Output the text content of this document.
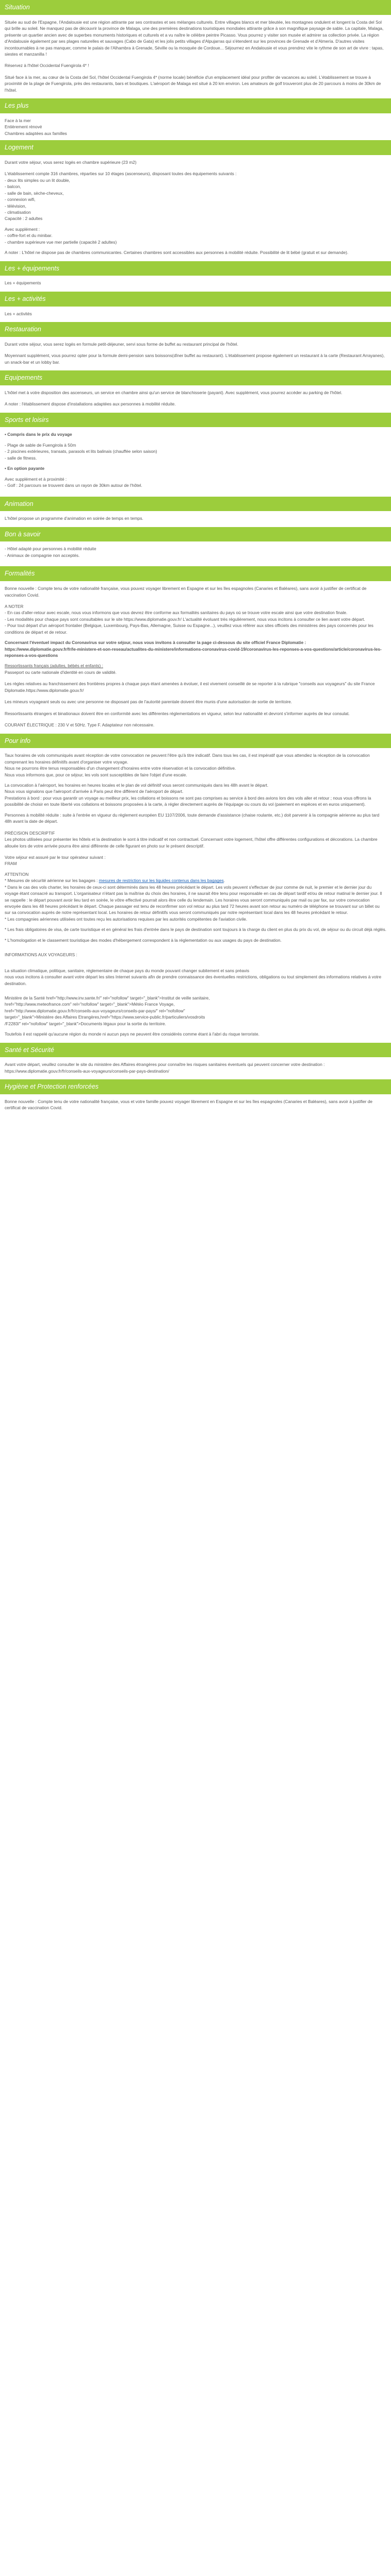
Situation

Située au sud de l'Espagne, l'Andalousie est une région attirante par ses contrastes et ses mélanges culturels. Entre villages blancs et mer bleutée, les montagnes ondulent et longent la Costa del Sol qui brille au soleil. Ne manquez pas de découvrir la province de Malaga, une des premières destinations touristiques mondiales attirante grâce à son magnifique paysage de sable. La capitale, Malaga, présente un quartier ancien avec de superbes monuments historiques et culturels et a vu naître le célèbre peintre Picasso. Vous pourrez y visiter son musée et admirer sa collection privée. La région d'Andalousie également par ses plages naturelles et sauvages (Cabo de Gata) et les jolis petits villages d'Alpujarras qui s'étendent sur les provinces de Grenade et d'Almería. D'autres visites incontournables à ne pas manquer, comme le palais de l'Alhambra à Grenade, Séville ou la mosquée de Cordoue... Séjournez en Andalousie et vous prendrez vite le rythme de son art de vivre : tapas, siestes et manzanilla !

Réservez à l'hôtel Occidental Fuengirola 4* !

Situé face à la mer, au cœur de la Costa del Sol, l'hôtel Occidental Fuengirola 4* (norme locale) bénéficie d'un emplacement idéal pour profiter de vacances au soleil. L'établissement se trouve à proximité de la plage de Fuengirola, près des restaurants, bars et boutiques. L'aéroport de Malaga est situé à 20 km environ. Les amateurs de golf trouveront plus de 20 parcours à moins de 30km de l'hôtel.

Les plus
Face à la mer
Entièrement rénové
Chambres adaptées aux familles
Logement

Durant votre séjour, vous serez logés en chambre supérieure (23 m2)

L'établissement compte 316 chambres, réparties sur 10 étages (ascenseurs), disposant toutes des équipements suivants :
- deux lits simples ou un lit double,
- balcon,
- salle de bain, sèche-cheveux,
- connexion wifi,
- télévision,
- climatisation
Capacité : 2 adultes
Avec supplément :
- coffre-fort et du minibar.
- chambre supérieure vue mer partielle (capacité 2 adultes)

A noter : L'hôtel ne dispose pas de chambres communicantes. Certaines chambres sont accessibles aux personnes à mobilité réduite. Possibilité de lit bébé (gratuit et sur demande).

Les + équipements

Les + équipements

Les + activités

Les + activités

Restauration

Durant votre séjour, vous serez logés en formule petit-déjeuner, servi sous forme de buffet au restaurant principal de l'hôtel.

Moyennant supplément, vous pourrez opter pour la formule demi-pension sans boissons(dîner buffet au restaurant). L'établissement propose également un restaurant à la carte (Restaurant Arrayanes), un snack-bar et un lobby bar.

Equipements

L'hôtel met à votre disposition des ascenseurs, un service en chambre ainsi qu'un service de blanchisserie (payant). Avec supplément, vous pourrez accéder au parking de l'hôtel.

A noter : l'établissement dispose d'installations adaptées aux personnes à mobilité réduite.

Sports et loisirs
• Compris dans le prix du voyage
- Plage de sable de Fuengirola à 50m
- 2 piscines extérieures, transats, parasols et lits balinais (chauffée selon saison)
- salle de fitness.
• En option payante
Avec supplément et à proximité :
- Golf : 24 parcours se trouvent dans un rayon de 30km autour de l'hôtel.
Animation

L'hôtel propose un programme d'animation en soirée de temps en temps.

Bon à savoir
- Hôtel adapté pour personnes à mobilité réduite
- Animaux de compagnie non acceptés.
Formalités

Bonne nouvelle : Compte tenu de votre nationalité française, vous pouvez voyager librement en Espagne et sur les îles espagnoles (Canaries et Baléares), sans avoir à justifier de certificat de vaccination Covid.

A NOTER
- En cas d'aller-retour avec escale, nous vous informons que vous devrez être conforme aux formalités sanitaires du pays où se trouve votre escale ainsi que votre destination finale.
- Les modalités pour chaque pays sont consultables sur le site https://www.diplomatie.gouv.fr/ L'actualité évoluant très régulièrement, nous vous incitons à consulter ce lien avant votre départ.
- Pour tout départ d'un aéroport frontalier (Belgique, Luxembourg, Pays-Bas, Allemagne, Suisse ou Espagne...), veuillez vous référer aux sites officiels des ministères des pays concernés pour les conditions de départ et de retour.
Concernant l'éventuel impact du Coronavirus sur votre séjour, nous vous invitons à consulter la page ci-dessous du site officiel France Diplomatie :
https://www.diplomatie.gouv.fr/fr/le-ministere-et-son-reseau/actualites-du-ministere/informations-coronavirus-covid-19/coronavirus-les-reponses-a-vos-questions/article/coronavirus-les-reponses-a-vos-questions
Ressortissants français (adultes, bébés et enfants) :

Passeport ou carte nationale d'identité en cours de validité.

Les règles relatives au franchissement des frontières propres à chaque pays étant amenées à évoluer, il est vivement conseillé de se reporter à la rubrique "conseils aux voyageurs" du site France Diplomatie.https://www.diplomatie.gouv.fr/

Les mineurs voyageant seuls ou avec une personne ne disposant pas de l'autorité parentale doivent être munis d'une autorisation de sortie de territoire.

Ressortissants étrangers et binationaux doivent être en conformité avec les différentes réglementations en vigueur, selon leur nationalité et devront s'informer auprès de leur consulat.

COURANT ÉLECTRIQUE : 230 V et 50Hz. Type F. Adaptateur non nécessaire.

Pour info
Taux horaires de vols communiqués avant réception de votre convocation ne peuvent l'être qu'à titre indicatif. Dans tous les cas, il est impératif que vous attendiez la réception de la convocation comprenant les horaires définitifs avant d'organiser votre voyage.
Nous ne pourrons être tenus responsables d'un changement d'horaires entre votre réservation et la convocation définitive.
Nous vous informons que, pour ce séjour, les vols sont susceptibles de faire l'objet d'une escale.
La convocation à l'aéroport, les horaires en heures locales et le plan de vol définitif vous seront communiqués dans les 48h avant le départ.
Nous vous signalons que l'aéroport d'arrivée à Paris peut être différent de l'aéroport de départ.
Prestations à bord : pour vous garantir un voyage au meilleur prix, les collations et boissons ne sont pas comprises au service à bord des avions lors des vols aller et retour ; nous vous offrons la possibilité de choisir en toute liberté vos collations et boissons proposées à la carte, à régler directement auprès de l'équipage ou cours du vol (paiement en espèces et en euros uniquement).

Personnes à mobilité réduite : suite à l'entrée en vigueur du règlement européen EU 1107/2006, toute demande d'assistance (chaise roulante, etc.) doit parvenir à la compagnie aérienne au plus tard 48h avant la date de départ.

PRÉCISION DESCRIPTIF

Les photos utilisées pour présenter les hôtels et la destination le sont à titre indicatif et non contractuel. Concernant votre logement, l'hôtel offre différentes configurations et décorations. La chambre allouée lors de votre arrivée pourra être ainsi différente de celle figurant en photo sur le présent descriptif.

Votre séjour est assuré par le tour opérateur suivant :
FRAM
ATTENTION
* Mesures de sécurité aérienne sur les bagages : mesures de restriction sur les liquides contenus dans les bagages.
* Dans le cas des vols charter, les horaires de ceux-ci sont déterminés dans les 48 heures précédant le départ. Les vols peuvent s'effectuer de jour comme de nuit, le premier et le dernier jour du voyage étant consacré au transport. L'organisateur n'étant pas la maîtrise du choix des horaires, il ne saurait être tenu pour responsable en cas de départ tardif et/ou de retour matinal le dernier jour. Il se rappelle : le départ pouvant avoir lieu tard en soirée, le vôtre effectivé pourrait alors être celle du lendemain. Les horaires vous seront communiqués par mail ou par fax, sur votre convocation envoyée dans les 48 heures précédant le départ. Chaque passager est tenu de reconfirmer son vol retour au plus tard 72 heures avant son retour au numéro de téléphone se trouvant sur un billet ou sur sa convocation auprès de notre représentant local. Les horaires de retour définitifs vous seront communiqués par notre représentant local dans les 48 heures précédant le retour.
* Les compagnies aériennes utilisées ont toutes reçu les autorisations requises par les autorités compétentes de l'aviation civile.
* Les frais obligatoires de visa, de carte touristique et en général les frais d'entrée dans le pays de destination sont toujours à la charge du client en plus du prix du vol, de séjour ou du circuit déjà réglés.
* L'homologation et le classement touristique des modes d'hébergement correspondent à la réglementation ou aux usages du pays de destination.

INFORMATIONS AUX VOYAGEURS :

La situation climatique, politique, sanitaire, réglementaire de chaque pays du monde pouvant changer subitement et sans préavis
nous vous incitons à consulter avant votre départ les sites Internet suivants afin de prendre connaissance des éventuelles restrictions, obligations ou tout simplement des informations relatives à votre destination.
Ministère de la Santé href="http://www.inv.sante.fr/" rel="nofollow" target="_blank">Institut de veille sanitaire,
href="http://www.meteofrance.com" rel="nofollow" target="_blank">Météo France Voyage,
href="http://www.diplomatie.gouv.fr/fr/conseils-aux-voyageurs/conseils-par-pays/" rel="nofollow"
target="_blank">Ministère des Affaires Etrangères,href="https://www.service-public.fr/particuliers/vosdroits
/F2283/" rel="nofollow" target="_blank">Documents légaux pour la sortie du territoire.

Toutefois il est rappelé qu'aucune région du monde ni aucun pays ne peuvent être considérés comme étant à l'abri du risque terroriste.

Santé et Sécurité

Avant votre départ, veuillez consulter le site du ministère des Affaires étrangères pour connaître les risques sanitaires éventuels qui peuvent concerner votre destination : https://www.diplomatie.gouv.fr/fr/conseils-aux-voyageurs/conseils-par-pays-destination/

Hygiène et Protection renforcées

Bonne nouvelle : Compte tenu de votre nationalité française, vous et votre famille pouvez voyager librement en Espagne et sur les îles espagnoles (Canaries et Baléares), sans avoir à justifier de certificat de vaccination Covid.
